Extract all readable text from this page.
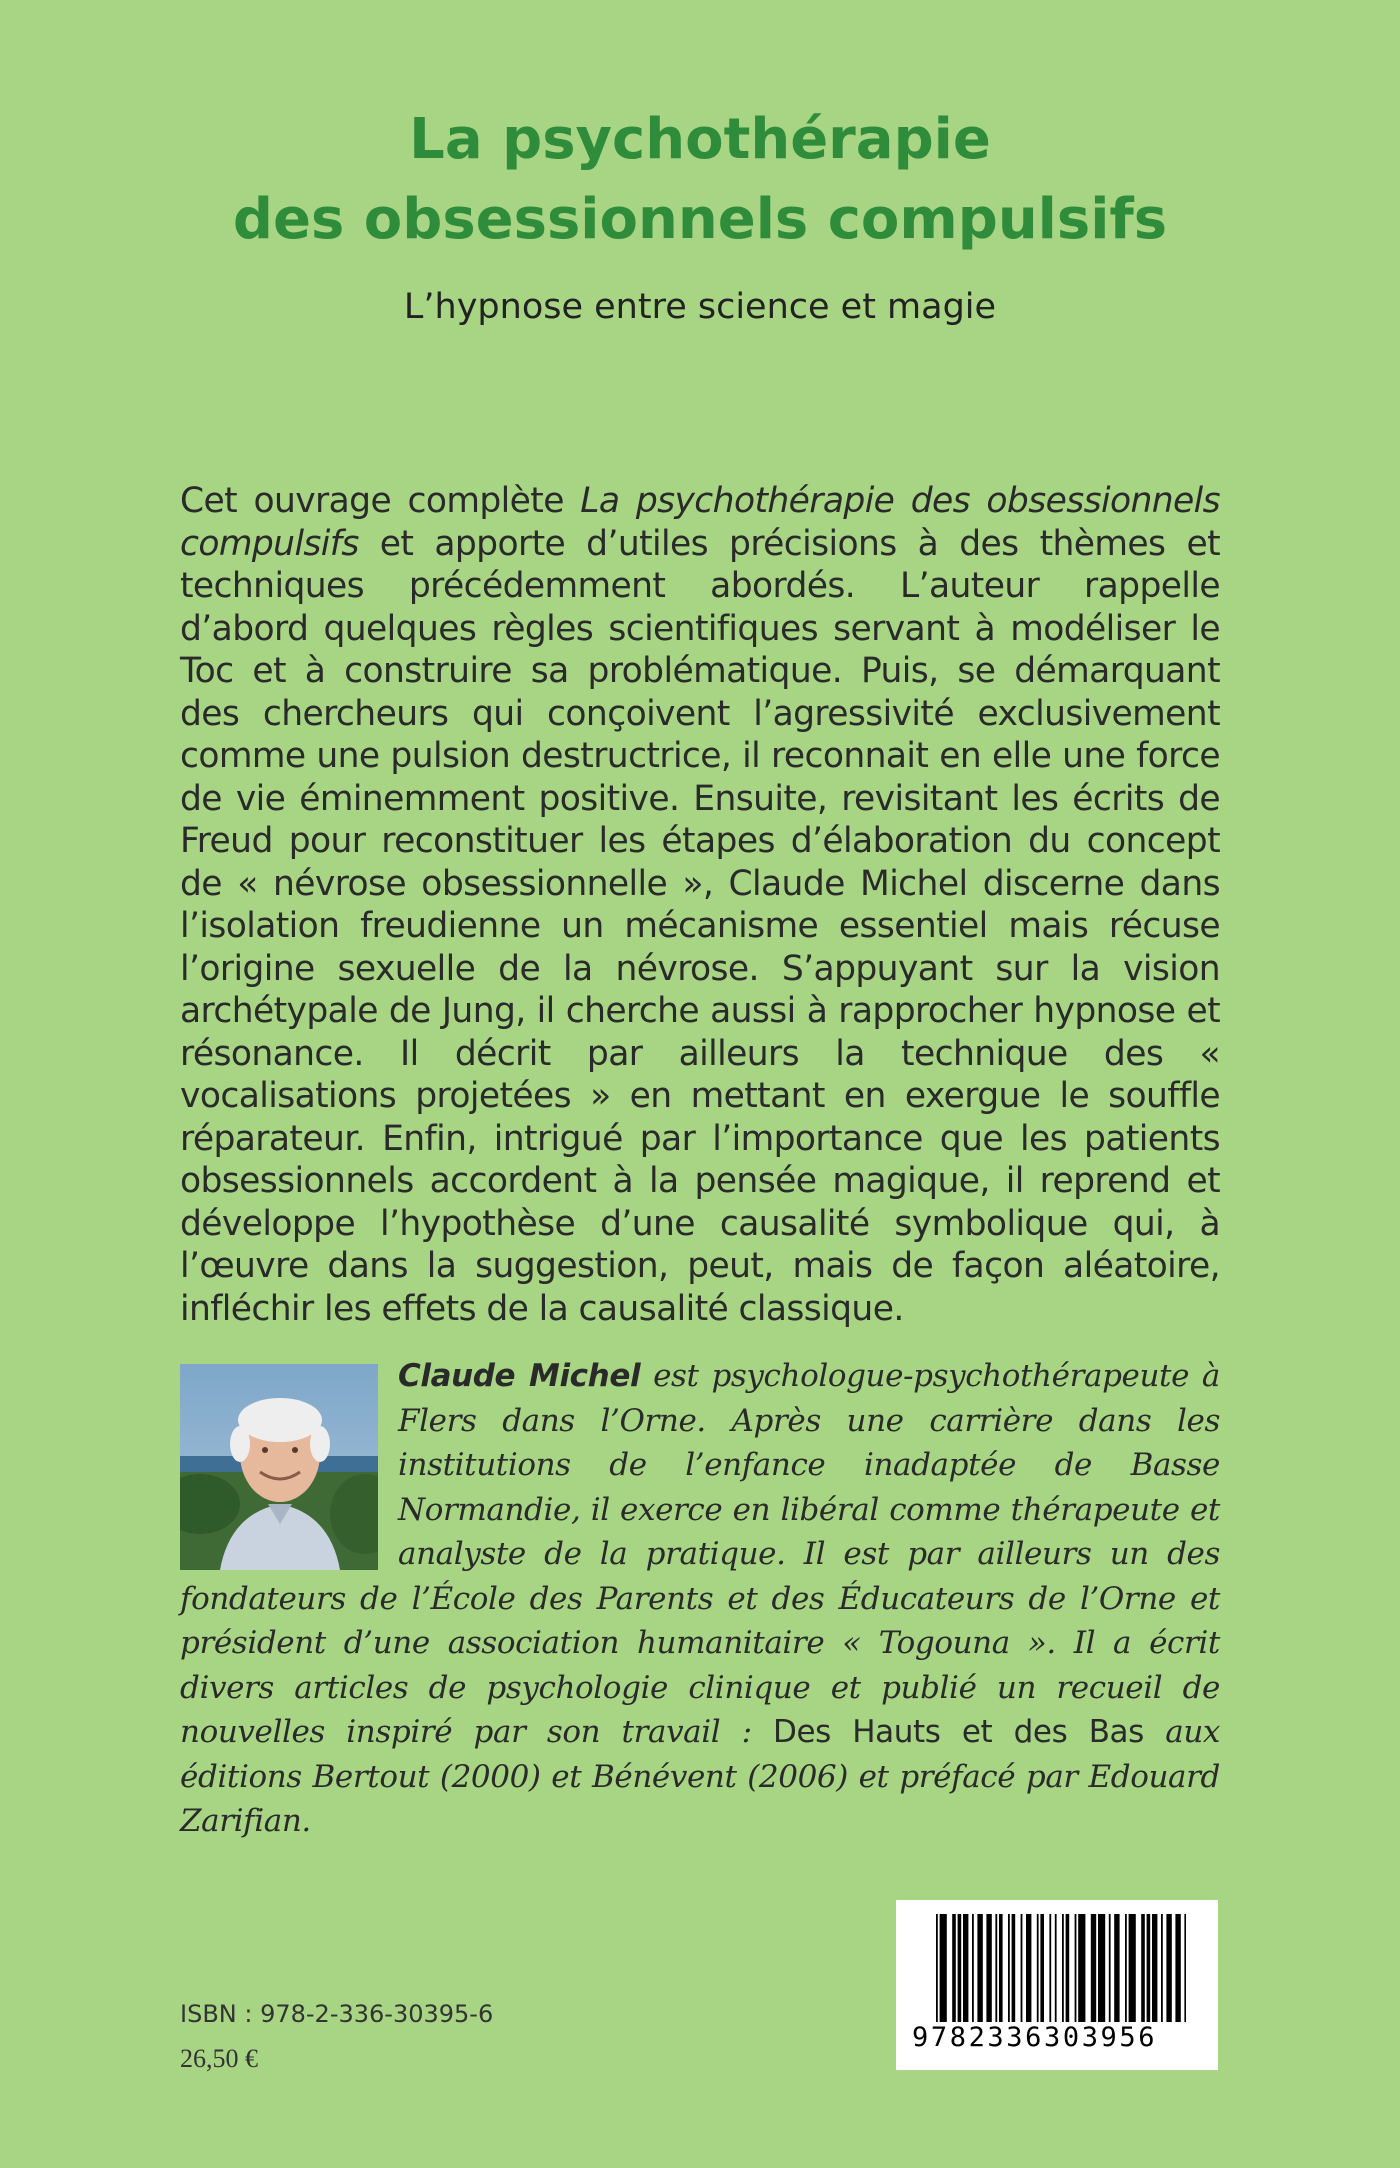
La psychothérapie
des obsessionnels compulsifs
L’hypnose entre science et magie
Cet ouvrage complète La psychothérapie des obsessionnels compulsifs et apporte d’utiles précisions à des thèmes et techniques précédemment abordés. L’auteur rappelle d’abord quelques règles scientifiques servant à modéliser le Toc et à construire sa problématique. Puis, se démarquant des chercheurs qui conçoivent l’agressivité exclusivement comme une pulsion destructrice, il reconnait en elle une force de vie éminemment positive. Ensuite, revisitant les écrits de Freud pour reconstituer les étapes d’élaboration du concept de « névrose obsessionnelle », Claude Michel discerne dans l’isolation freudienne un mécanisme essentiel mais récuse l’origine sexuelle de la névrose. S’appuyant sur la vision archétypale de Jung, il cherche aussi à rapprocher hypnose et résonance. Il décrit par ailleurs la technique des « vocalisations projetées » en mettant en exergue le souffle réparateur. Enfin, intrigué par l’importance que les patients obsessionnels accordent à la pensée magique, il reprend et développe l’hypothèse d’une causalité symbolique qui, à l’œuvre dans la suggestion, peut, mais de façon aléatoire, infléchir les effets de la causalité classique.
Claude Michel est psychologue-psychothérapeute à Flers dans l’Orne. Après une carrière dans les institutions de l’enfance inadaptée de Basse Normandie, il exerce en libéral comme thérapeute et analyste de la pratique. Il est par ailleurs un des fondateurs de l’École des Parents et des Éducateurs de l’Orne et président d’une association humanitaire « Togouna ». Il a écrit divers articles de psychologie clinique et publié un recueil de nouvelles inspiré par son travail : Des Hauts et des Bas aux éditions Bertout (2000) et Bénévent (2006) et préfacé par Edouard Zarifian.
ISBN : 978-2-336-30395-6
26,50 €
9782336303956
